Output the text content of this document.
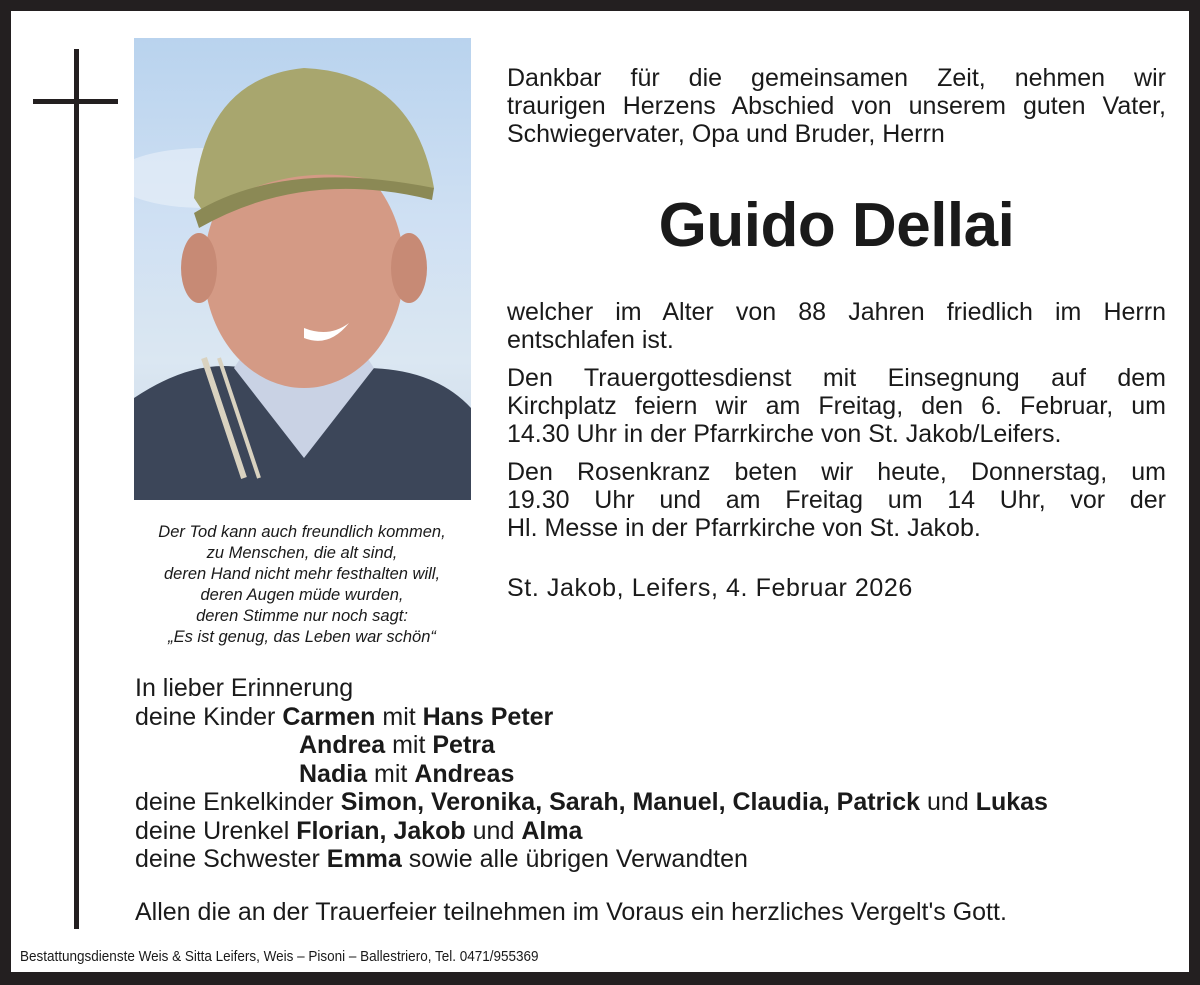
Der Tod kann auch freundlich kommen,
zu Menschen, die alt sind,
deren Hand nicht mehr festhalten will,
deren Augen müde wurden,
deren Stimme nur noch sagt:
„Es ist genug, das Leben war schön“
Dankbar für die gemeinsamen Zeit, nehmen wir
traurigen Herzens Abschied von unserem guten Vater,
Schwiegervater, Opa und Bruder, Herrn
Guido Dellai
welcher im Alter von 88 Jahren friedlich im Herrn
entschlafen ist.
Den Trauergottesdienst mit Einsegnung auf dem
Kirchplatz feiern wir am Freitag, den 6. Februar, um
14.30 Uhr in der Pfarrkirche von St. Jakob/Leifers.
Den Rosenkranz beten wir heute, Donnerstag, um
19.30 Uhr und am Freitag um 14 Uhr, vor der
Hl. Messe in der Pfarrkirche von St. Jakob.
St. Jakob, Leifers, 4. Februar 2026
In lieber Erinnerung
deine Kinder Carmen mit Hans Peter
Andrea mit Petra
Nadia mit Andreas
deine Enkelkinder Simon, Veronika, Sarah, Manuel, Claudia, Patrick und Lukas
deine Urenkel Florian, Jakob und Alma
deine Schwester Emma sowie alle übrigen Verwandten
Allen die an der Trauerfeier teilnehmen im Voraus ein herzliches Vergelt's Gott.
Bestattungsdienste Weis & Sitta Leifers, Weis – Pisoni – Ballestriero, Tel. 0471/955369
